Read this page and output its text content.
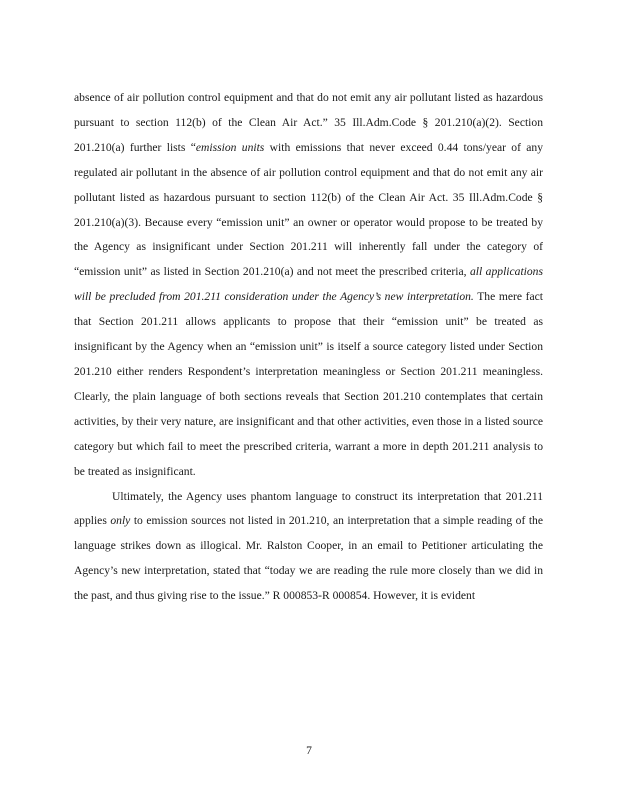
absence of air pollution control equipment and that do not emit any air pollutant listed as hazardous pursuant to section 112(b) of the Clean Air Act.” 35 Ill.Adm.Code § 201.210(a)(2). Section 201.210(a) further lists “emission units with emissions that never exceed 0.44 tons/year of any regulated air pollutant in the absence of air pollution control equipment and that do not emit any air pollutant listed as hazardous pursuant to section 112(b) of the Clean Air Act. 35 Ill.Adm.Code § 201.210(a)(3). Because every “emission unit” an owner or operator would propose to be treated by the Agency as insignificant under Section 201.211 will inherently fall under the category of “emission unit” as listed in Section 201.210(a) and not meet the prescribed criteria, all applications will be precluded from 201.211 consideration under the Agency’s new interpretation. The mere fact that Section 201.211 allows applicants to propose that their “emission unit” be treated as insignificant by the Agency when an “emission unit” is itself a source category listed under Section 201.210 either renders Respondent’s interpretation meaningless or Section 201.211 meaningless. Clearly, the plain language of both sections reveals that Section 201.210 contemplates that certain activities, by their very nature, are insignificant and that other activities, even those in a listed source category but which fail to meet the prescribed criteria, warrant a more in depth 201.211 analysis to be treated as insignificant.

Ultimately, the Agency uses phantom language to construct its interpretation that 201.211 applies only to emission sources not listed in 201.210, an interpretation that a simple reading of the language strikes down as illogical. Mr. Ralston Cooper, in an email to Petitioner articulating the Agency’s new interpretation, stated that “today we are reading the rule more closely than we did in the past, and thus giving rise to the issue.” R 000853-R 000854. However, it is evident

7
